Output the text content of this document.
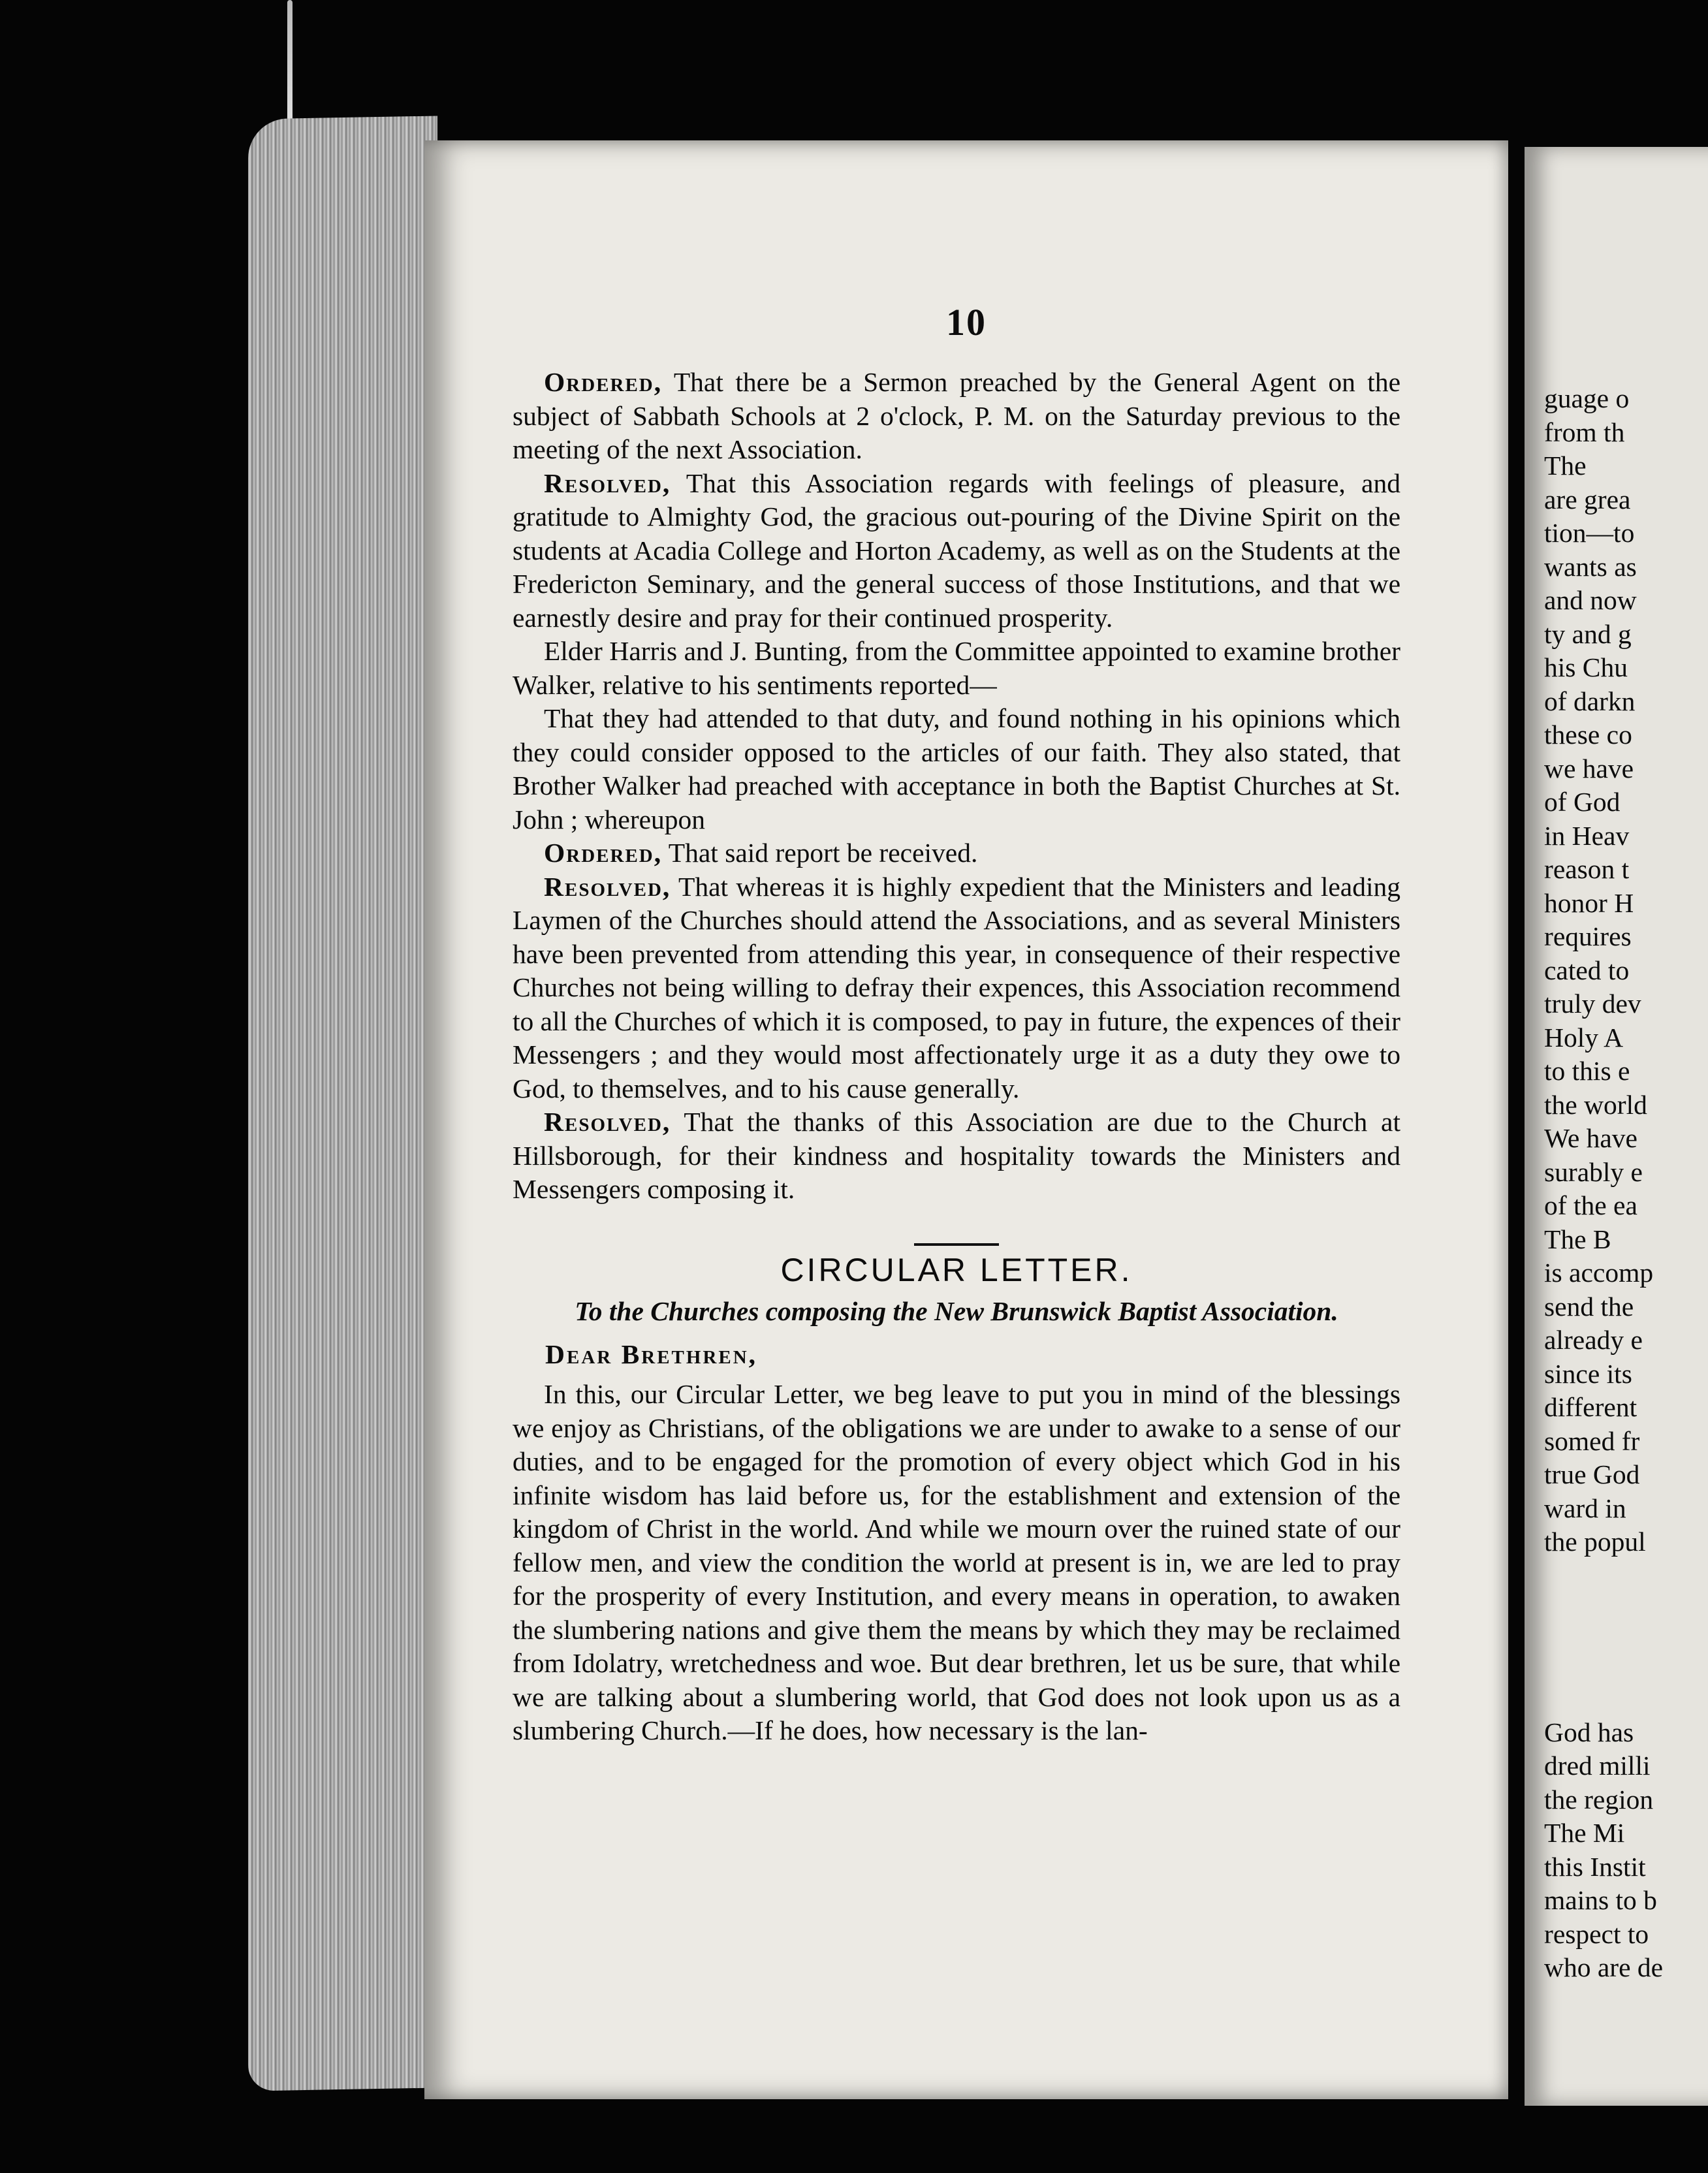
10

Ordered, That there be a Sermon preached by the General Agent on the subject of Sabbath Schools at 2 o'clock, P. M. on the Saturday previous to the meeting of the next Association.

Resolved, That this Association regards with feelings of pleasure, and gratitude to Almighty God, the gracious out-pouring of the Divine Spirit on the students at Acadia College and Horton Academy, as well as on the Students at the Fredericton Seminary, and the general success of those Institutions, and that we earnestly desire and pray for their continued prosperity.

Elder Harris and J. Bunting, from the Committee appointed to examine brother Walker, relative to his sentiments reported—

That they had attended to that duty, and found nothing in his opinions which they could consider opposed to the articles of our faith. They also stated, that Brother Walker had preached with acceptance in both the Baptist Churches at St. John ; whereupon

Ordered, That said report be received.

Resolved, That whereas it is highly expedient that the Ministers and leading Laymen of the Churches should attend the Associations, and as several Ministers have been prevented from attending this year, in consequence of their respective Churches not being willing to defray their expences, this Association recommend to all the Churches of which it is composed, to pay in future, the expences of their Messengers ; and they would most affectionately urge it as a duty they owe to God, to themselves, and to his cause generally.

Resolved, That the thanks of this Association are due to the Church at Hillsborough, for their kindness and hospitality towards the Ministers and Messengers composing it.

CIRCULAR LETTER.
To the Churches composing the New Brunswick Baptist Association.
Dear Brethren,

In this, our Circular Letter, we beg leave to put you in mind of the blessings we enjoy as Christians, of the obligations we are under to awake to a sense of our duties, and to be engaged for the promotion of every object which God in his infinite wisdom has laid before us, for the establishment and extension of the kingdom of Christ in the world. And while we mourn over the ruined state of our fellow men, and view the condition the world at present is in, we are led to pray for the prosperity of every Institution, and every means in operation, to awaken the slumbering nations and give them the means by which they may be reclaimed from Idolatry, wretchedness and woe. But dear brethren, let us be sure, that while we are talking about a slumbering world, that God does not look upon us as a slumbering Church.—If he does, how necessary is the lan-

guage o
from th
The
are grea
tion—to
wants as
and now
ty and g
his Chu
of darkn
these co
we have
of God
in Heav
reason t
honor H
requires
cated to
truly dev
Holy A
to this e
the world
We have
surably e
of the ea
The B
is accomp
send the
already e
since its
different
somed fr
true God
ward in
the popul
God has
dred milli
the region
The Mi
this Instit
mains to b
respect to
who are de
